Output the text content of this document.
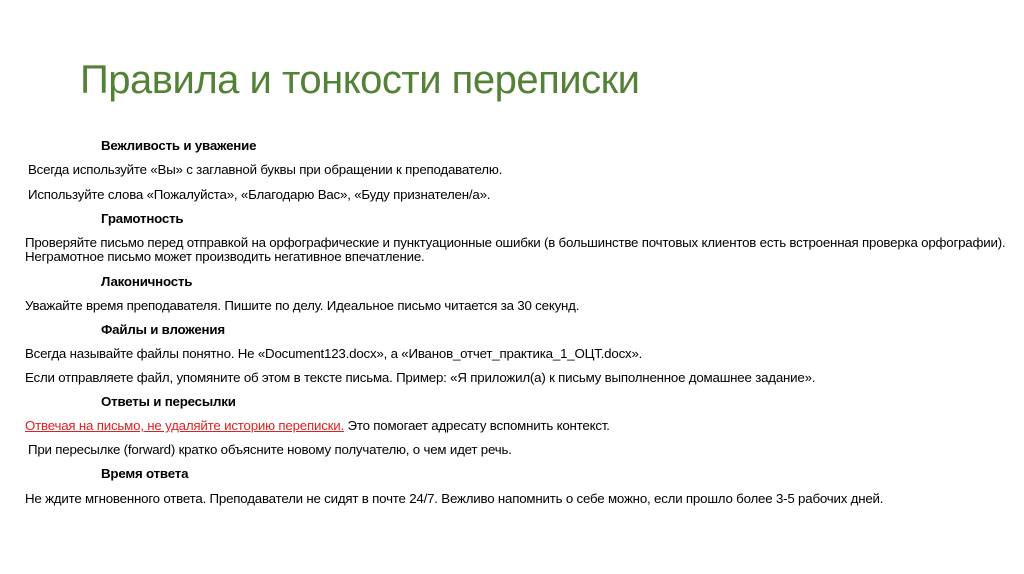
Правила и тонкости переписки
Вежливость и уважение
Всегда используйте «Вы» с заглавной буквы при обращении к преподавателю.
Используйте слова «Пожалуйста», «Благодарю Вас», «Буду признателен/а».
Грамотность
Проверяйте письмо перед отправкой на орфографические и пунктуационные ошибки (в большинстве почтовых клиентов есть встроенная проверка орфографии). Неграмотное письмо может производить негативное впечатление.
Лаконичность
Уважайте время преподавателя. Пишите по делу. Идеальное письмо читается за 30 секунд.
Файлы и вложения
Всегда называйте файлы понятно. Не «Document123.docx», а «Иванов_отчет_практика_1_ОЦТ.docx».
Если отправляете файл, упомяните об этом в тексте письма. Пример: «Я приложил(а) к письму выполненное домашнее задание».
Ответы и пересылки
Отвечая на письмо, не удаляйте историю переписки. Это помогает адресату вспомнить контекст.
При пересылке (forward) кратко объясните новому получателю, о чем идет речь.
Время ответа
Не ждите мгновенного ответа. Преподаватели не сидят в почте 24/7. Вежливо напомнить о себе можно, если прошло более 3-5 рабочих дней.
